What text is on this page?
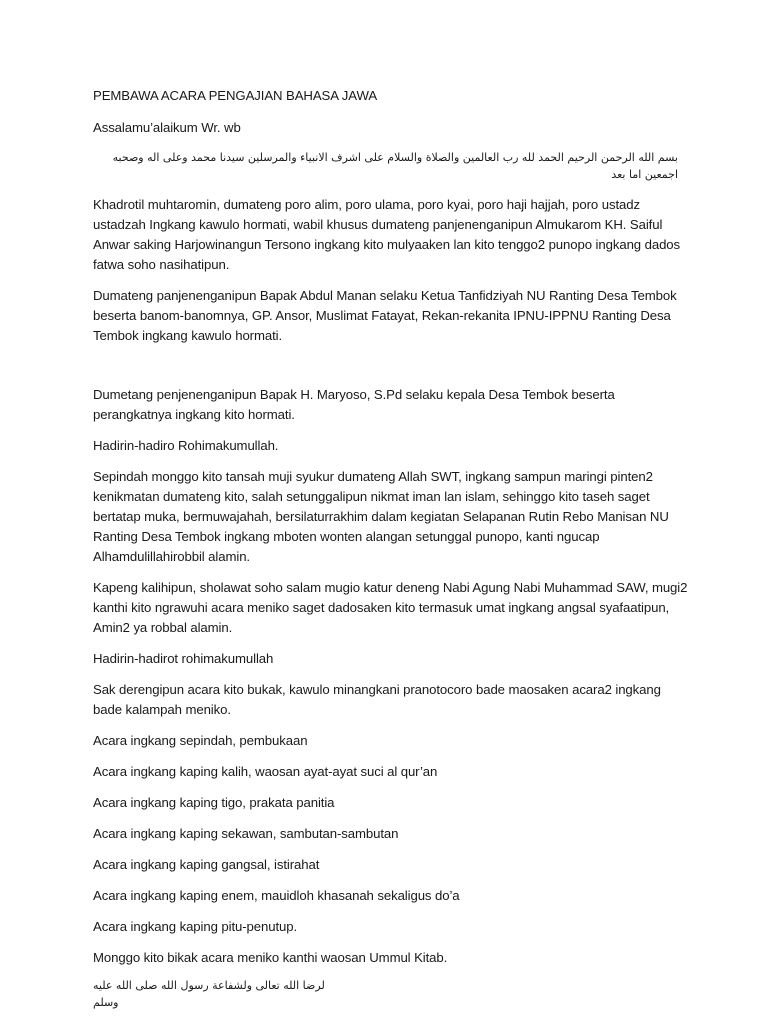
PEMBAWA ACARA PENGAJIAN BAHASA JAWA

Assalamu’alaikum Wr. wb

بسم الله الرحمن الرحيم الحمد لله رب العالمين والصلاة والسلام على اشرف الانبياء والمرسلين سيدنا محمد وعلى اله وصحبه اجمعين اما بعد

Khadrotil muhtaromin, dumateng poro alim, poro ulama, poro kyai, poro haji hajjah, poro ustadz ustadzah Ingkang kawulo hormati, wabil khusus dumateng panjenenganipun Almukarom KH. Saiful Anwar saking Harjowinangun Tersono ingkang kito mulyaaken lan kito tenggo2 punopo ingkang dados fatwa soho nasihatipun.

Dumateng panjenenganipun Bapak Abdul Manan selaku Ketua Tanfidziyah NU Ranting Desa Tembok beserta banom-banomnya, GP. Ansor, Muslimat Fatayat, Rekan-rekanita IPNU-IPPNU Ranting Desa Tembok ingkang kawulo hormati.

Dumetang penjenenganipun Bapak H. Maryoso, S.Pd selaku kepala Desa Tembok beserta perangkatnya ingkang kito hormati.

Hadirin-hadiro Rohimakumullah.

Sepindah monggo kito tansah muji syukur dumateng Allah SWT, ingkang sampun maringi pinten2 kenikmatan dumateng kito, salah setunggalipun nikmat iman lan islam, sehinggo kito taseh saget bertatap muka, bermuwajahah, bersilaturrakhim dalam kegiatan Selapanan Rutin Rebo Manisan NU Ranting Desa Tembok ingkang mboten wonten alangan setunggal punopo, kanti ngucap Alhamdulillahirobbil alamin.

Kapeng kalihipun, sholawat soho salam mugio katur deneng Nabi Agung Nabi Muhammad SAW, mugi2 kanthi kito ngrawuhi acara meniko saget dadosaken kito termasuk umat ingkang angsal syafaatipun, Amin2 ya robbal alamin.

Hadirin-hadirot rohimakumullah

Sak derengipun acara kito bukak, kawulo minangkani pranotocoro bade maosaken acara2 ingkang bade kalampah meniko.

Acara ingkang sepindah, pembukaan

Acara ingkang kaping kalih, waosan ayat-ayat suci al qur’an

Acara ingkang kaping tigo, prakata panitia

Acara ingkang kaping sekawan, sambutan-sambutan

Acara ingkang kaping gangsal, istirahat

Acara ingkang kaping enem, mauidloh khasanah sekaligus do’a

Acara ingkang kaping pitu-penutup.

Monggo kito bikak acara meniko kanthi waosan Ummul Kitab.

لرضا الله تعالى ولشفاعة رسول الله صلى الله عليه وسلم
